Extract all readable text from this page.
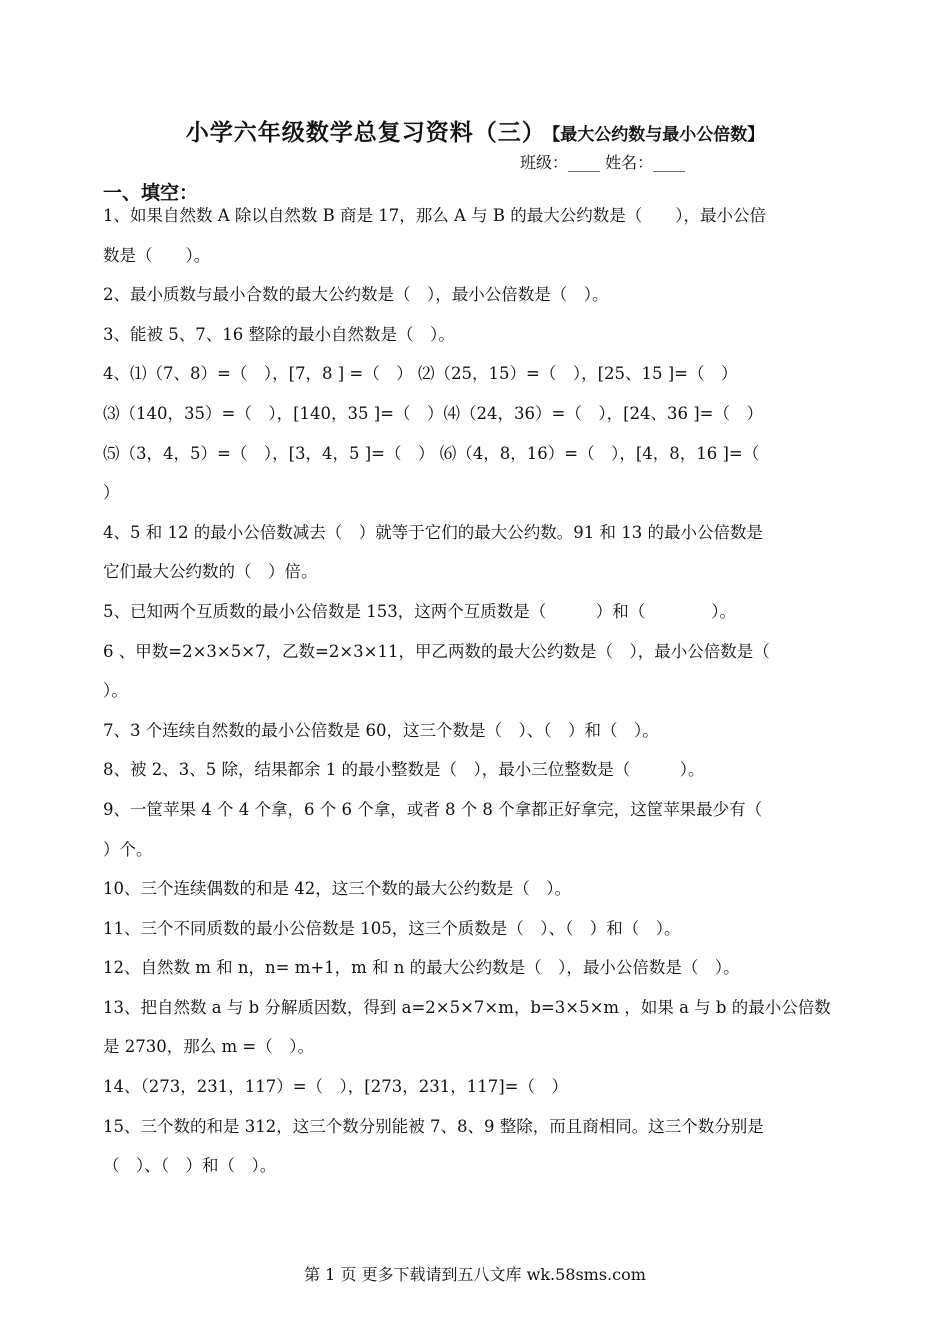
小学六年级数学总复习资料（三） 【最大公约数与最小公倍数】
班级：____ 姓名：____
一、填空：
1、如果自然数 A 除以自然数 B 商是 17，那么 A 与 B 的最大公约数是（　　），最小公倍
数是（　　）。
2、最小质数与最小合数的最大公约数是（　），最小公倍数是（　）。
3、能被 5、7、16 整除的最小自然数是（　）。
4、⑴（7、8）=（　），[7，8 ] =（　） ⑵（25，15）=（　），[25、15 ]=（　）
⑶（140，35）=（　），[140，35 ]=（　）⑷（24，36）=（　），[24、36 ]=（　）
⑸（3，4，5）=（　），[3，4，5 ]=（　） ⑹（4，8，16）=（　），[4，8，16 ]=（
）
4、5 和 12 的最小公倍数减去（　）就等于它们的最大公约数。91 和 13 的最小公倍数是
它们最大公约数的（　）倍。
5、已知两个互质数的最小公倍数是 153，这两个互质数是（　　　）和（　　　　）。
6 、甲数=2×3×5×7，乙数=2×3×11，甲乙两数的最大公约数是（　），最小公倍数是（
）。
7、3 个连续自然数的最小公倍数是 60，这三个数是（　）、（　）和（　）。
8、被 2、3、5 除，结果都余 1 的最小整数是（　），最小三位整数是（　　　）。
9、一筐苹果 4 个 4 个拿，6 个 6 个拿，或者 8 个 8 个拿都正好拿完，这筐苹果最少有（
）个。
10、三个连续偶数的和是 42，这三个数的最大公约数是（　）。
11、三个不同质数的最小公倍数是 105，这三个质数是（　）、（　）和（　）。
12、自然数 m 和 n，n= m+1，m 和 n 的最大公约数是（　），最小公倍数是（　）。
13、把自然数 a 与 b 分解质因数，得到 a=2×5×7×m，b=3×5×m ，如果 a 与 b 的最小公倍数
是 2730，那么 m =（　）。
14、（273，231，117）=（　），[273，231，117]=（　）
15、三个数的和是 312，这三个数分别能被 7、8、9 整除，而且商相同。这三个数分别是
（　）、（　）和（　）。
第 1 页 更多下载请到五八文库 wk.58sms.com
